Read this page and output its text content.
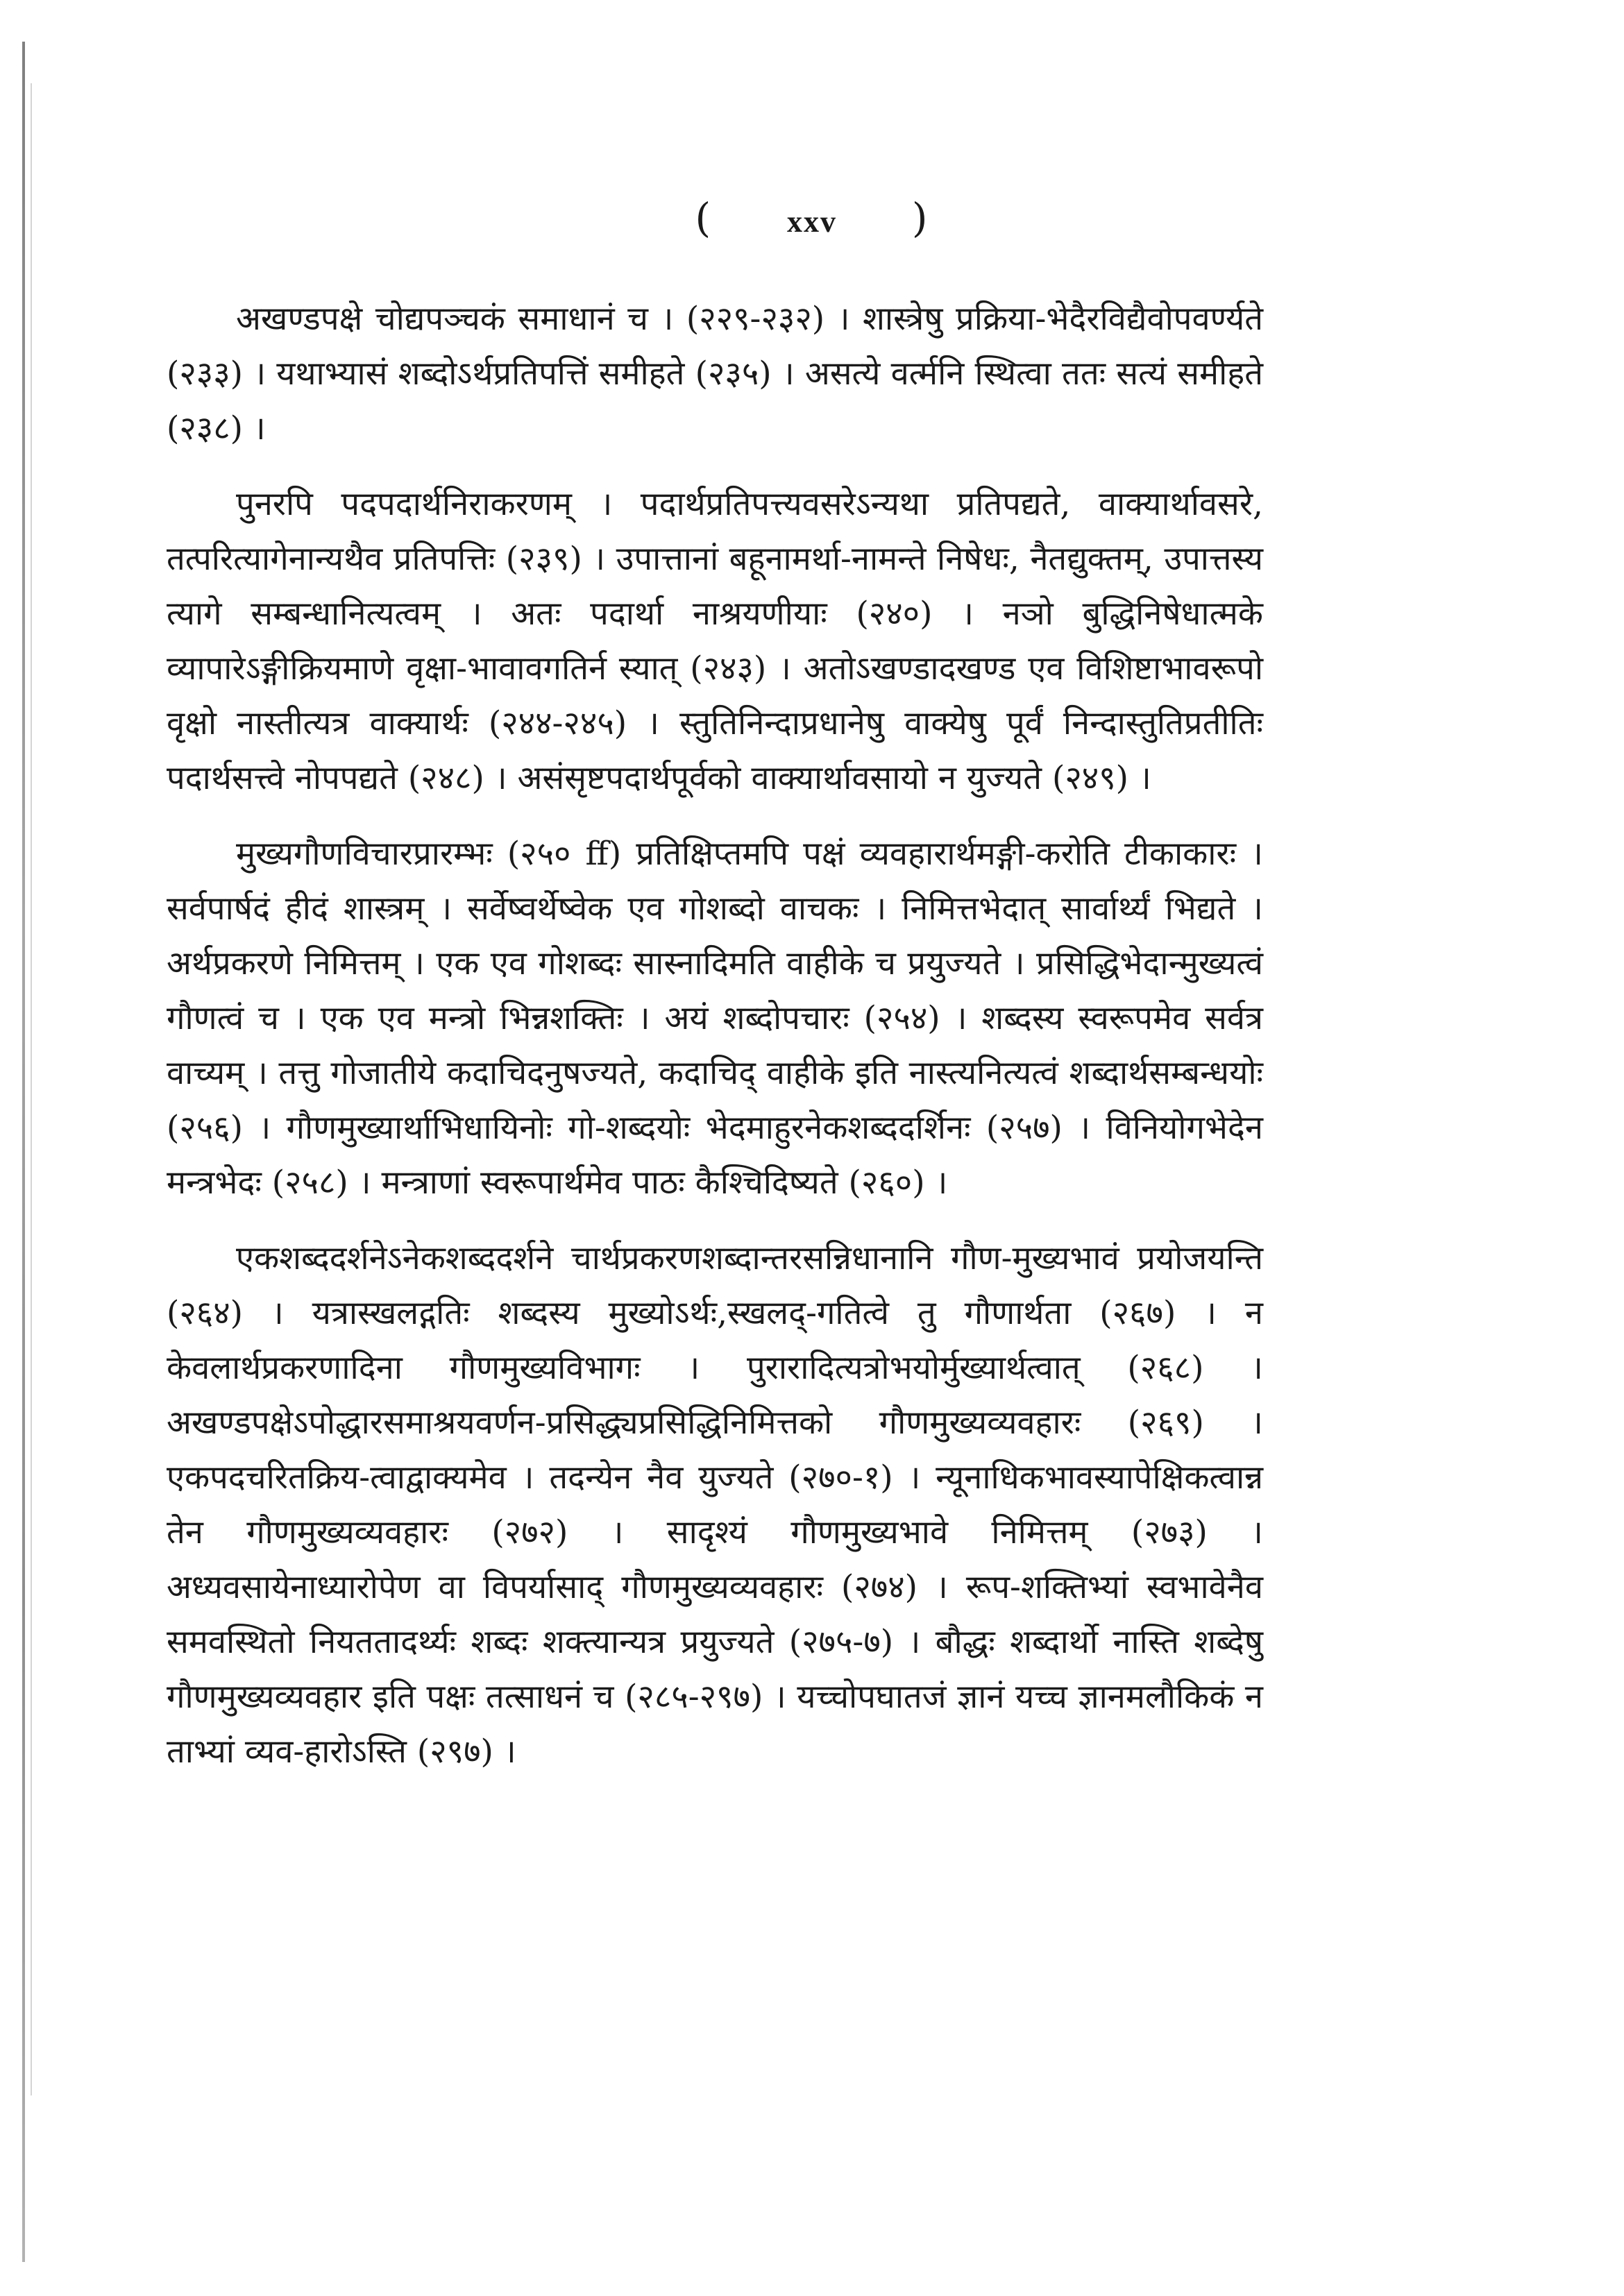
( xxv )

अखण्डपक्षे चोद्यपञ्चकं समाधानं च । (२२९-२३२) । शास्त्रेषु प्रक्रिया-भेदैरविद्यैवोपवर्ण्यते (२३३) । यथाभ्यासं शब्दोऽर्थप्रतिपत्तिं समीहते (२३५) । असत्ये वर्त्मनि स्थित्वा ततः सत्यं समीहते (२३८) ।

पुनरपि पदपदार्थनिराकरणम् । पदार्थप्रतिपत्त्यवसरेऽन्यथा प्रतिपद्यते, वाक्यार्थावसरे, तत्परित्यागेनान्यथैव प्रतिपत्तिः (२३९) । उपात्तानां बहूनामर्था-नामन्ते निषेधः, नैतद्युक्तम्, उपात्तस्य त्यागे सम्बन्धानित्यत्वम् । अतः पदार्था नाश्रयणीयाः (२४०) । नञो बुद्धिनिषेधात्मके व्यापारेऽङ्गीक्रियमाणे वृक्षा-भावावगतिर्न स्यात् (२४३) । अतोऽखण्डादखण्ड एव विशिष्टाभावरूपो वृक्षो नास्तीत्यत्र वाक्यार्थः (२४४-२४५) । स्तुतिनिन्दाप्रधानेषु वाक्येषु पूर्वं निन्दास्तुतिप्रतीतिः पदार्थसत्त्वे नोपपद्यते (२४८) । असंसृष्टपदार्थपूर्वको वाक्यार्थावसायो न युज्यते (२४९) ।

मुख्यगौणविचारप्रारम्भः (२५० ff) प्रतिक्षिप्तमपि पक्षं व्यवहारार्थमङ्गी-करोति टीकाकारः । सर्वपार्षदं हीदं शास्त्रम् । सर्वेष्वर्थेष्वेक एव गोशब्दो वाचकः । निमित्तभेदात् सार्वार्थ्यं भिद्यते । अर्थप्रकरणे निमित्तम् । एक एव गोशब्दः सास्नादिमति वाहीके च प्रयुज्यते । प्रसिद्धिभेदान्मुख्यत्वं गौणत्वं च । एक एव मन्त्रो भिन्नशक्तिः । अयं शब्दोपचारः (२५४) । शब्दस्य स्वरूपमेव सर्वत्र वाच्यम् । तत्तु गोजातीये कदाचिदनुषज्यते, कदाचिद् वाहीके इति नास्त्यनित्यत्वं शब्दार्थसम्बन्धयोः (२५६) । गौणमुख्यार्थाभिधायिनोः गो-शब्दयोः भेदमाहुरनेकशब्ददर्शिनः (२५७) । विनियोगभेदेन मन्त्रभेदः (२५८) । मन्त्राणां स्वरूपार्थमेव पाठः कैश्चिदिष्यते (२६०) ।

एकशब्ददर्शनेऽनेकशब्ददर्शने चार्थप्रकरणशब्दान्तरसन्निधानानि गौण-मुख्यभावं प्रयोजयन्ति (२६४) । यत्रास्खलद्गतिः शब्दस्य मुख्योऽर्थः,स्खलद्-गतित्वे तु गौणार्थता (२६७) । न केवलार्थप्रकरणादिना गौणमुख्यविभागः । पुरारादित्यत्रोभयोर्मुख्यार्थत्वात् (२६८) । अखण्डपक्षेऽपोद्धारसमाश्रयवर्णन-प्रसिद्ध्यप्रसिद्धिनिमित्तको गौणमुख्यव्यवहारः (२६९) । एकपदचरितक्रिय-त्वाद्वाक्यमेव । तदन्येन नैव युज्यते (२७०-१) । न्यूनाधिकभावस्यापेक्षिकत्वान्न तेन गौणमुख्यव्यवहारः (२७२) । सादृश्यं गौणमुख्यभावे निमित्तम् (२७३) । अध्यवसायेनाध्यारोपेण वा विपर्यासाद् गौणमुख्यव्यवहारः (२७४) । रूप-शक्तिभ्यां स्वभावेनैव समवस्थितो नियततादर्थ्यः शब्दः शक्त्यान्यत्र प्रयुज्यते (२७५-७) । बौद्धः शब्दार्थो नास्ति शब्देषु गौणमुख्यव्यवहार इति पक्षः तत्साधनं च (२८५-२९७) । यच्चोपघातजं ज्ञानं यच्च ज्ञानमलौकिकं न ताभ्यां व्यव-हारोऽस्ति (२९७) ।
